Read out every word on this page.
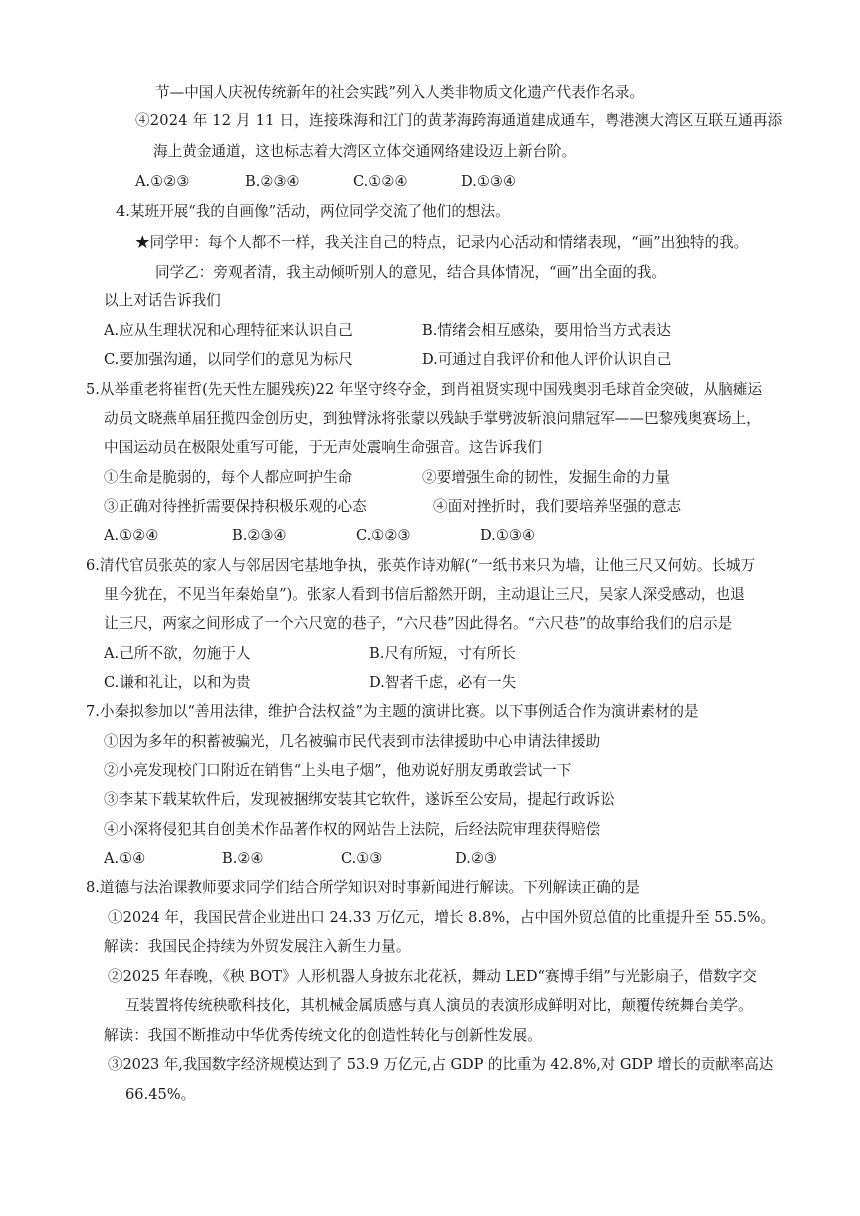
节—中国人庆祝传统新年的社会实践”列入人类非物质文化遗产代表作名录。
④2024 年 12 月 11 日，连接珠海和江门的黄茅海跨海通道建成通车，粤港澳大湾区互联互通再添
海上黄金通道，这也标志着大湾区立体交通网络建设迈上新台阶。
A.①②③	B.②③④	C.①②④	D.①③④
4.某班开展“我的自画像”活动，两位同学交流了他们的想法。
★同学甲：每个人都不一样，我关注自己的特点，记录内心活动和情绪表现，“画”出独特的我。
同学乙：旁观者清，我主动倾听别人的意见，结合具体情况，“画”出全面的我。
以上对话告诉我们
A.应从生理状况和心理特征来认识自己	B.情绪会相互感染，要用恰当方式表达
C.要加强沟通，以同学们的意见为标尺	D.可通过自我评价和他人评价认识自己
5.从举重老将崔哲(先天性左腿残疾)22 年坚守终夺金，到肖祖贤实现中国残奥羽毛球首金突破，从脑瘫运
动员文晓燕单届狂揽四金创历史，到独臂泳将张蒙以残缺手掌劈波斩浪问鼎冠军——巴黎残奥赛场上，
中国运动员在极限处重写可能，于无声处震响生命强音。这告诉我们
①生命是脆弱的，每个人都应呵护生命	②要增强生命的韧性，发掘生命的力量
③正确对待挫折需要保持积极乐观的心态	④面对挫折时，我们要培养坚强的意志
A.①②④	B.②③④	C.①②③	D.①③④
6.清代官员张英的家人与邻居因宅基地争执，张英作诗劝解(“一纸书来只为墙，让他三尺又何妨。长城万
里今犹在，不见当年秦始皇”)。张家人看到书信后豁然开朗，主动退让三尺，吴家人深受感动，也退
让三尺，两家之间形成了一个六尺宽的巷子，“六尺巷”因此得名。“六尺巷”的故事给我们的启示是
A.己所不欲，勿施于人	B.尺有所短，寸有所长
C.谦和礼让，以和为贵	D.智者千虑，必有一失
7.小秦拟参加以“善用法律，维护合法权益”为主题的演讲比赛。以下事例适合作为演讲素材的是
①因为多年的积蓄被骗光，几名被骗市民代表到市法律援助中心申请法律援助
②小亮发现校门口附近在销售“上头电子烟”，他劝说好朋友勇敢尝试一下
③李某下载某软件后，发现被捆绑安装其它软件，遂诉至公安局，提起行政诉讼
④小深将侵犯其自创美术作品著作权的网站告上法院，后经法院审理获得赔偿
A.①④	B.②④	C.①③	D.②③
8.道德与法治课教师要求同学们结合所学知识对时事新闻进行解读。下列解读正确的是
①2024 年，我国民营企业进出口 24.33 万亿元，增长 8.8%，占中国外贸总值的比重提升至 55.5%。
解读：我国民企持续为外贸发展注入新生力量。
②2025 年春晚，《秧 BOT》人形机器人身披东北花袄，舞动 LED“赛博手绢”与光影扇子，借数字交
互装置将传统秧歌科技化，其机械金属质感与真人演员的表演形成鲜明对比，颠覆传统舞台美学。
解读：我国不断推动中华优秀传统文化的创造性转化与创新性发展。
③2023 年,我国数字经济规模达到了 53.9 万亿元,占 GDP 的比重为 42.8%,对 GDP 增长的贡献率高达
66.45%。
